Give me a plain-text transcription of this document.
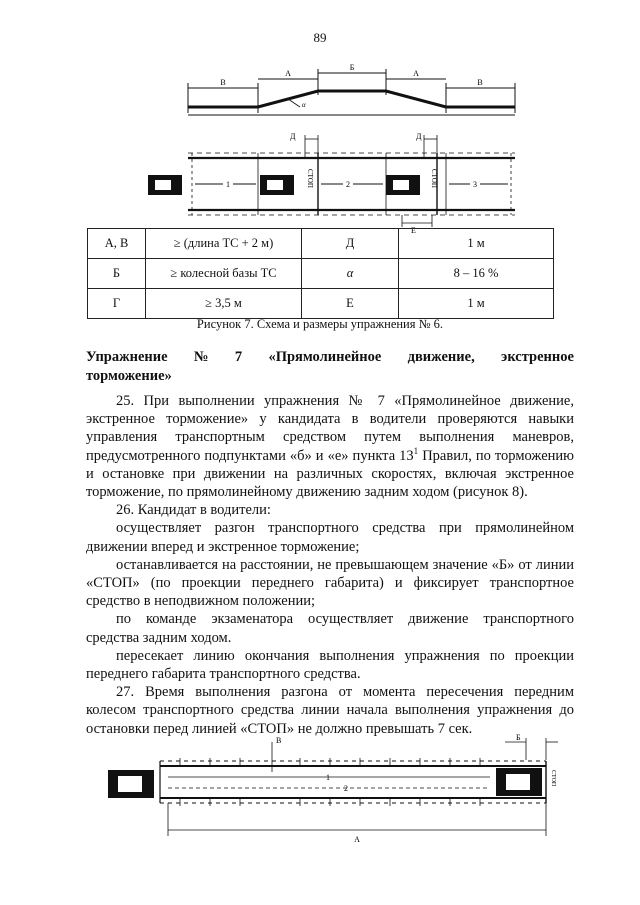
89
В
А
Б
А
В
α
Д	Д
1	2	3
СТОП	СТОП
Е
А, В	≥ (длина ТС + 2 м)	Д	1 м
Б	≥ колесной базы ТС	α	8 – 16 %
Г	≥ 3,5 м	Е	1 м
Рисунок 7. Схема и размеры упражнения № 6.
Упражнение № 7 «Прямолинейное движение, экстренное
торможение»

25. При выполнении упражнения № 7 «Прямолинейное движение, экстренное торможение» у кандидата в водители проверяются навыки управления транспортным средством путем выполнения маневров, предусмотренного подпунктами «б» и «е» пункта $13^1$ Правил, по торможению и остановке при движении на различных скоростях, включая экстренное торможение, по прямолинейному движению задним ходом (рисунок 8).

26. Кандидат в водители:

осуществляет разгон транспортного средства при прямолинейном движении вперед и экстренное торможение;

останавливается на расстоянии, не превышающем значение «Б» от линии «СТОП» (по проекции переднего габарита) и фиксирует транспортное средство в неподвижном положении;

по команде экзаменатора осуществляет движение транспортного средства задним ходом.

пересекает линию окончания выполнения упражнения по проекции переднего габарита транспортного средства.

27. Время выполнения разгона от момента пересечения передним колесом транспортного средства линии начала выполнения упражнения до остановки перед линией «СТОП» не должно превышать 7 сек.

В	Б
1
2
СТОП
А
